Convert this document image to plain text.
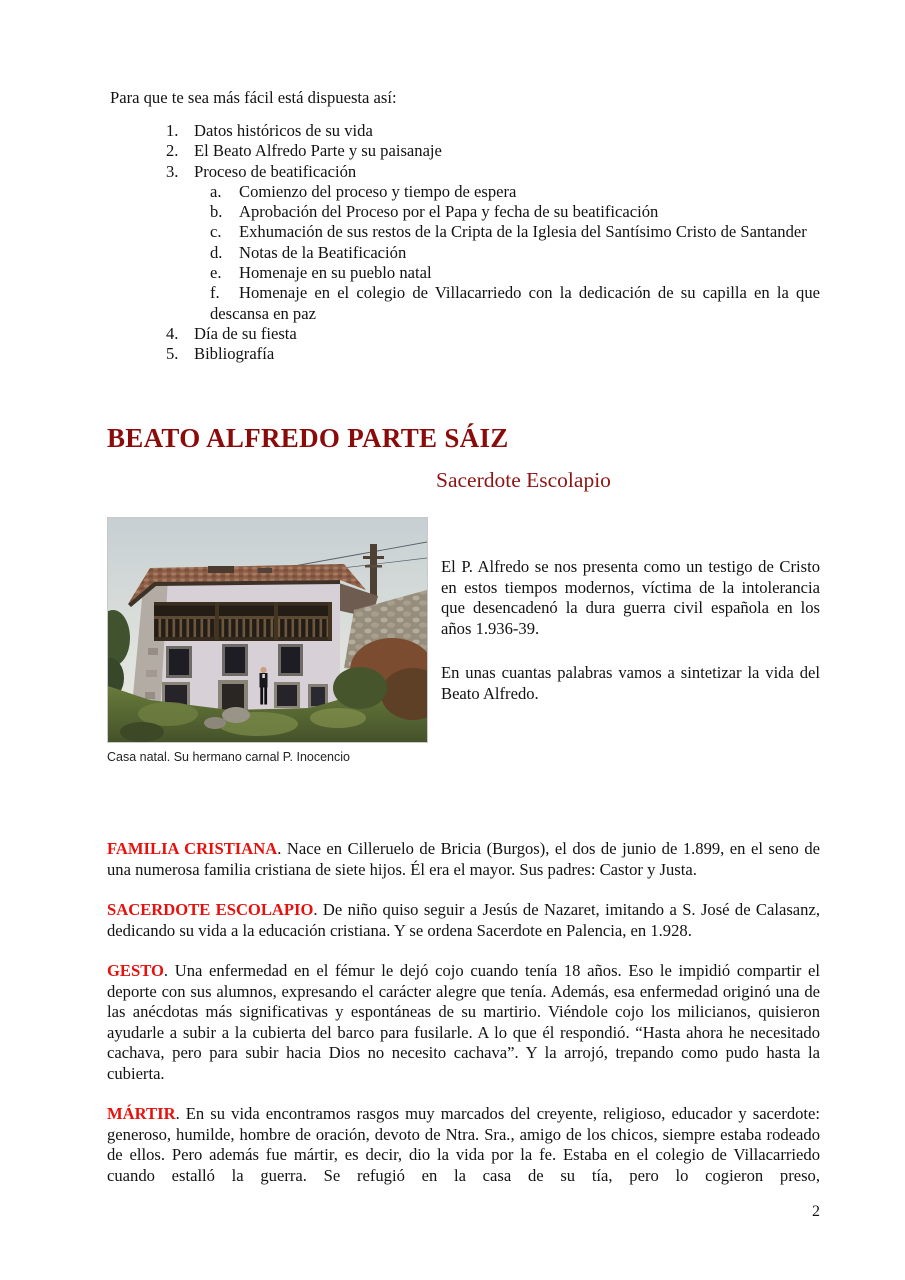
Para que te sea más fácil está dispuesta así:

1. Datos históricos de su vida
2. El Beato Alfredo Parte y su paisanaje
3. Proceso de beatificación
a. Comienzo del proceso y tiempo de espera
b. Aprobación del Proceso por el Papa y fecha de su beatificación
c. Exhumación de sus restos de la Cripta de la Iglesia del Santísimo Cristo de Santander
d. Notas de la Beatificación
e. Homenaje en su pueblo natal
f. Homenaje en el colegio de Villacarriedo con la dedicación de su capilla en la que descansa en paz
4. Día de su fiesta
5. Bibliografía
BEATO ALFREDO PARTE SÁIZ
Sacerdote Escolapio

Casa natal. Su hermano carnal P. Inocencio

El P. Alfredo se nos presenta como un testigo de Cristo en estos tiempos modernos, víctima de la intolerancia que desencadenó la dura guerra civil española en los años 1.936-39.

En unas cuantas palabras vamos a sintetizar la vida del Beato Alfredo.

FAMILIA CRISTIANA. Nace en Cilleruelo de Bricia (Burgos), el dos de junio de 1.899, en el seno de una numerosa familia cristiana de siete hijos. Él era el mayor. Sus padres: Castor y Justa.

SACERDOTE ESCOLAPIO. De niño quiso seguir a Jesús de Nazaret, imitando a S. José de Calasanz, dedicando su vida a la educación cristiana. Y se ordena Sacerdote en Palencia, en 1.928.

GESTO. Una enfermedad en el fémur le dejó cojo cuando tenía 18 años. Eso le impidió compartir el deporte con sus alumnos, expresando el carácter alegre que tenía. Además, esa enfermedad originó una de las anécdotas más significativas y espontáneas de su martirio. Viéndole cojo los milicianos, quisieron ayudarle a subir a la cubierta del barco para fusilarle. A lo que él respondió. “Hasta ahora he necesitado cachava, pero para subir hacia Dios no necesito cachava”. Y la arrojó, trepando como pudo hasta la cubierta.

MÁRTIR. En su vida encontramos rasgos muy marcados del creyente, religioso, educador y sacerdote: generoso, humilde, hombre de oración, devoto de Ntra. Sra., amigo de los chicos, siempre estaba rodeado de ellos. Pero además fue mártir, es decir, dio la vida por la fe. Estaba en el colegio de Villacarriedo cuando estalló la guerra. Se refugió en la casa de su tía, pero lo cogieron preso,

2
